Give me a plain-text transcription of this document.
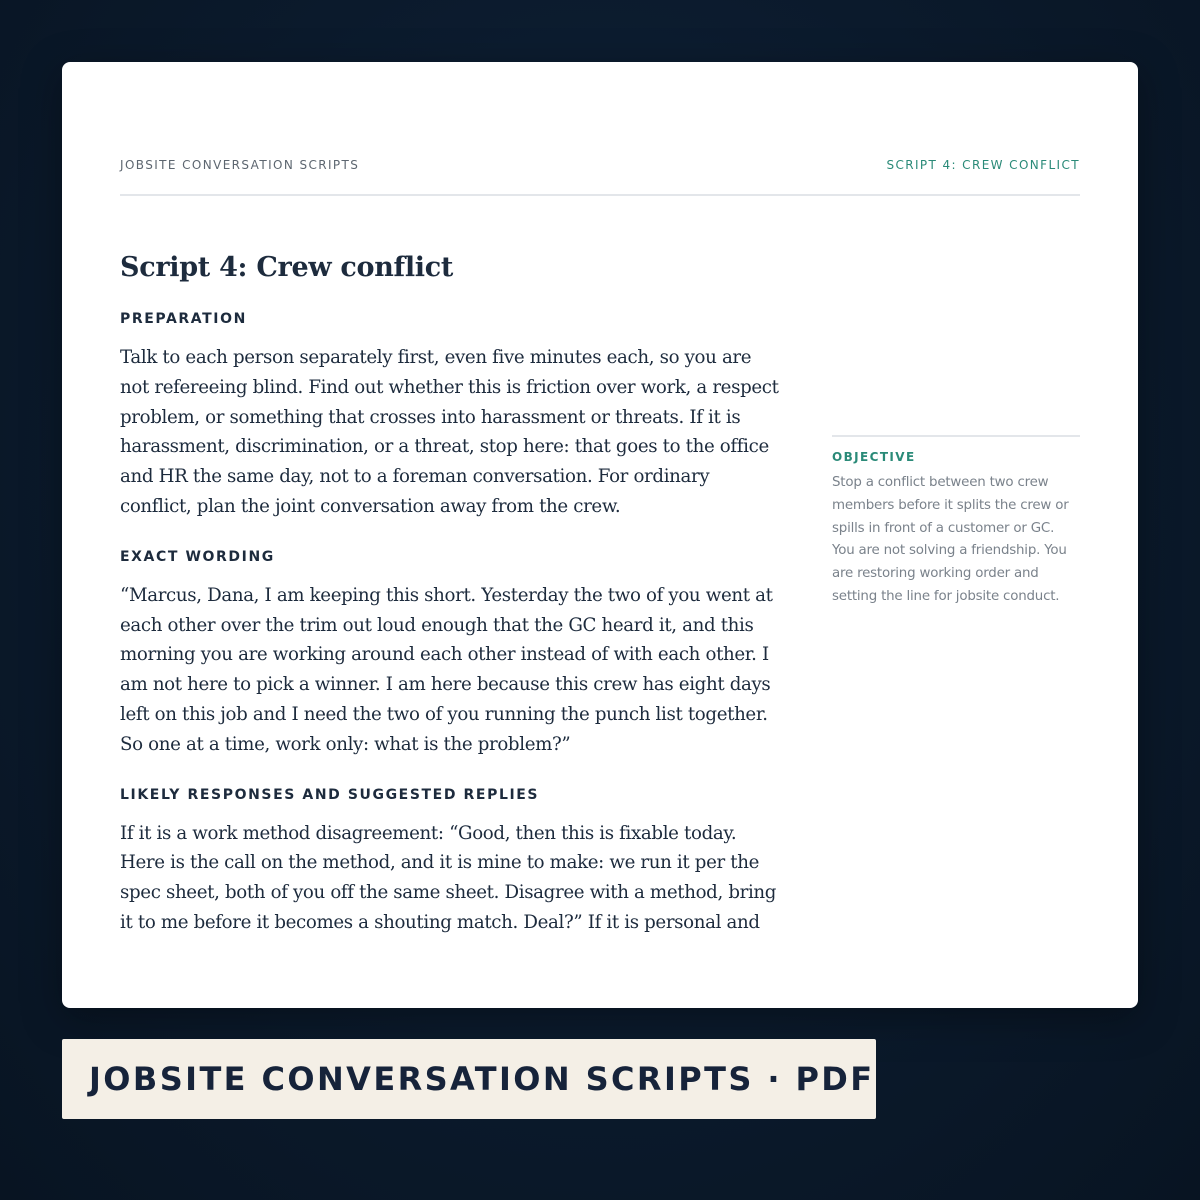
JOBSITE CONVERSATION SCRIPTS	SCRIPT 4: CREW CONFLICT
Script 4: Crew conflict
PREPARATION

Talk to each person separately first, even five minutes each, so you are not refereeing blind. Find out whether this is friction over work, a respect problem, or something that crosses into harassment or threats. If it is harassment, discrimination, or a threat, stop here: that goes to the office and HR the same day, not to a foreman conversation. For ordinary conflict, plan the joint conversation away from the crew.

EXACT WORDING

“Marcus, Dana, I am keeping this short. Yesterday the two of you went at each other over the trim out loud enough that the GC heard it, and this morning you are working around each other instead of with each other. I am not here to pick a winner. I am here because this crew has eight days left on this job and I need the two of you running the punch list together. So one at a time, work only: what is the problem?”

LIKELY RESPONSES AND SUGGESTED REPLIES

If it is a work method disagreement: “Good, then this is fixable today. Here is the call on the method, and it is mine to make: we run it per the spec sheet, both of you off the same sheet. Disagree with a method, bring it to me before it becomes a shouting match. Deal?” If it is personal and

OBJECTIVE

Stop a conflict between two crew members before it splits the crew or spills in front of a customer or GC. You are not solving a friendship. You are restoring working order and setting the line for jobsite conduct.

JOBSITE CONVERSATION SCRIPTS · PDF
